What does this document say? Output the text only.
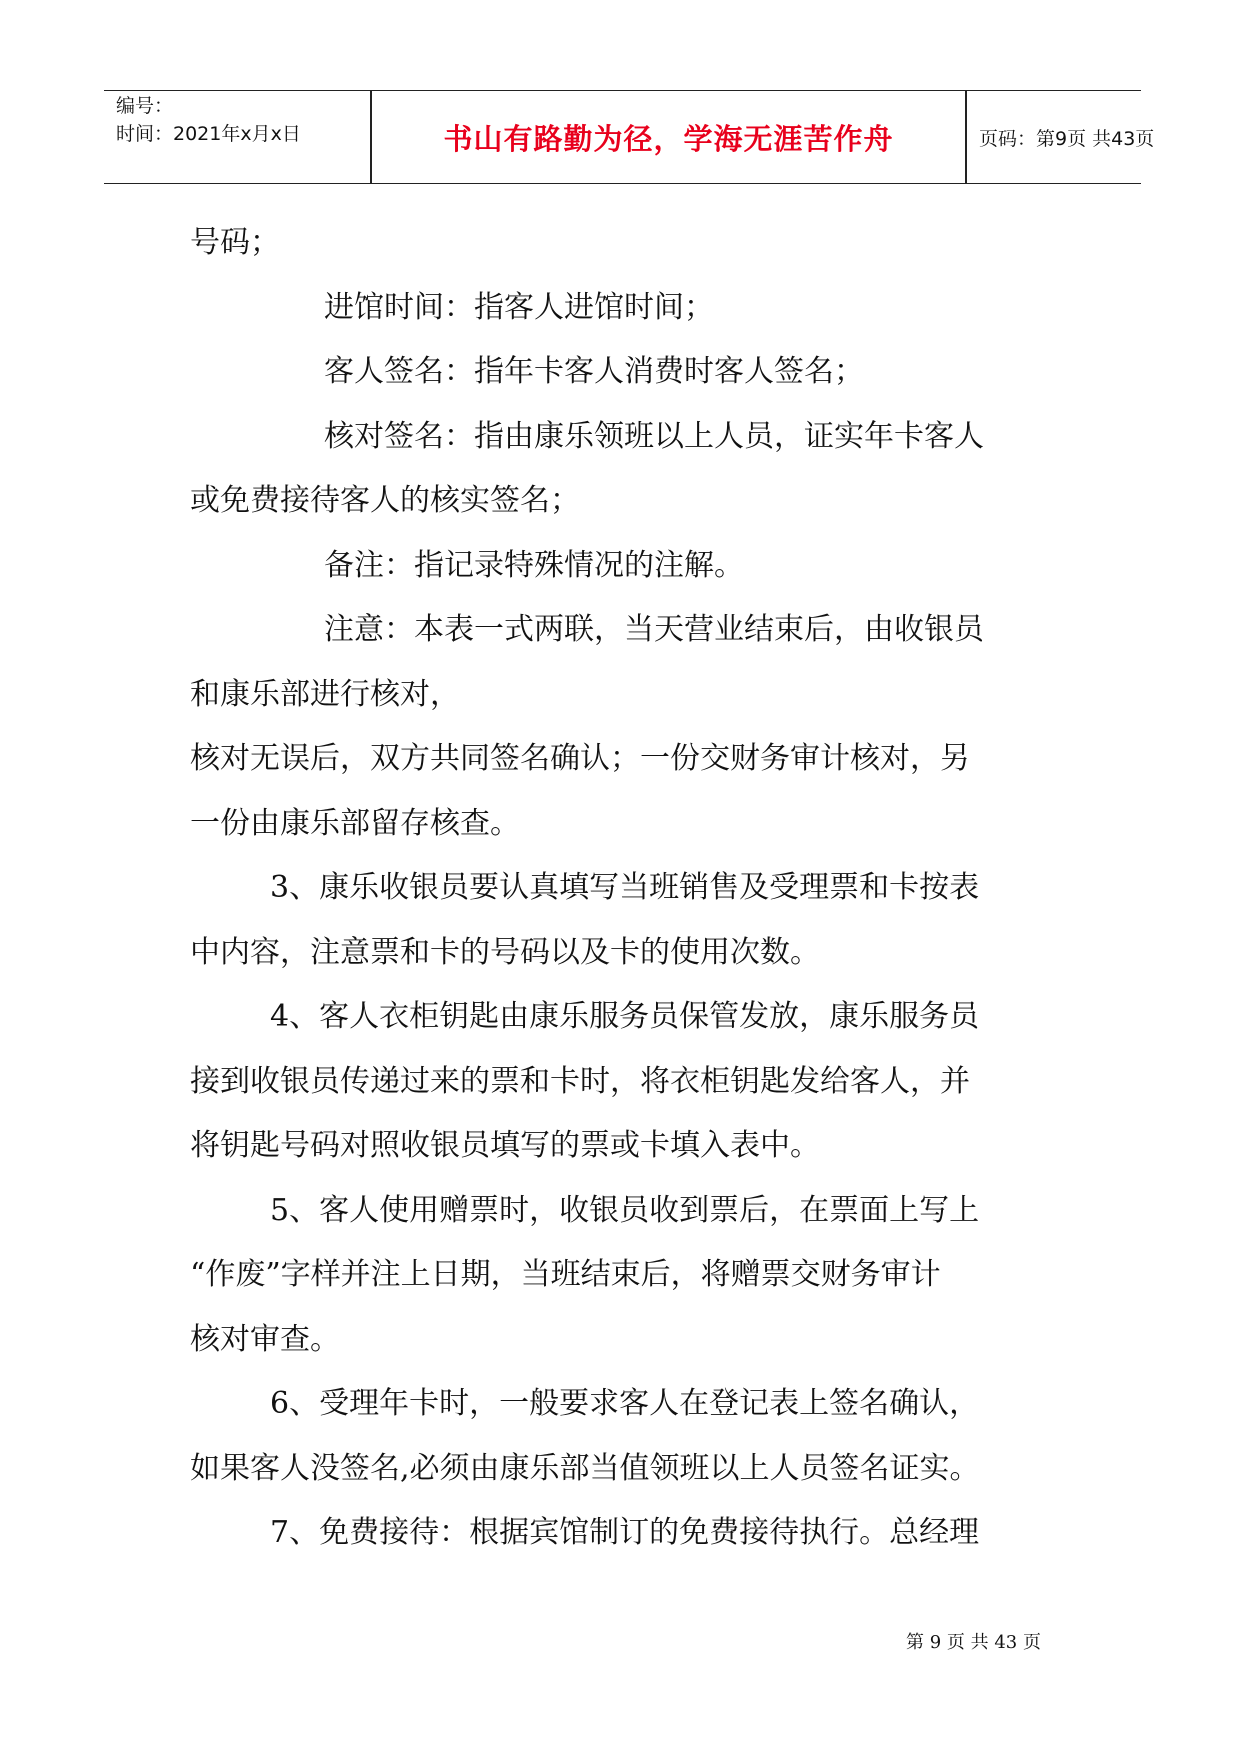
编号：
时间：2021年x月x日	书山有路勤为径，学海无涯苦作舟	页码：第9页 共43页

号码；

进馆时间：指客人进馆时间；

客人签名：指年卡客人消费时客人签名；

核对签名：指由康乐领班以上人员，证实年卡客人

或免费接待客人的核实签名；

备注：指记录特殊情况的注解。

注意：本表一式两联，当天营业结束后，由收银员

和康乐部进行核对，

核对无误后，双方共同签名确认；一份交财务审计核对，另

一份由康乐部留存核查。

3、康乐收银员要认真填写当班销售及受理票和卡按表

中内容，注意票和卡的号码以及卡的使用次数。

4、客人衣柜钥匙由康乐服务员保管发放，康乐服务员

接到收银员传递过来的票和卡时，将衣柜钥匙发给客人，并

将钥匙号码对照收银员填写的票或卡填入表中。

5、客人使用赠票时，收银员收到票后，在票面上写上

“作废”字样并注上日期，当班结束后，将赠票交财务审计

核对审查。

6、受理年卡时，一般要求客人在登记表上签名确认，

如果客人没签名,必须由康乐部当值领班以上人员签名证实。

7、免费接待：根据宾馆制订的免费接待执行。总经理

第 9 页 共 43 页
